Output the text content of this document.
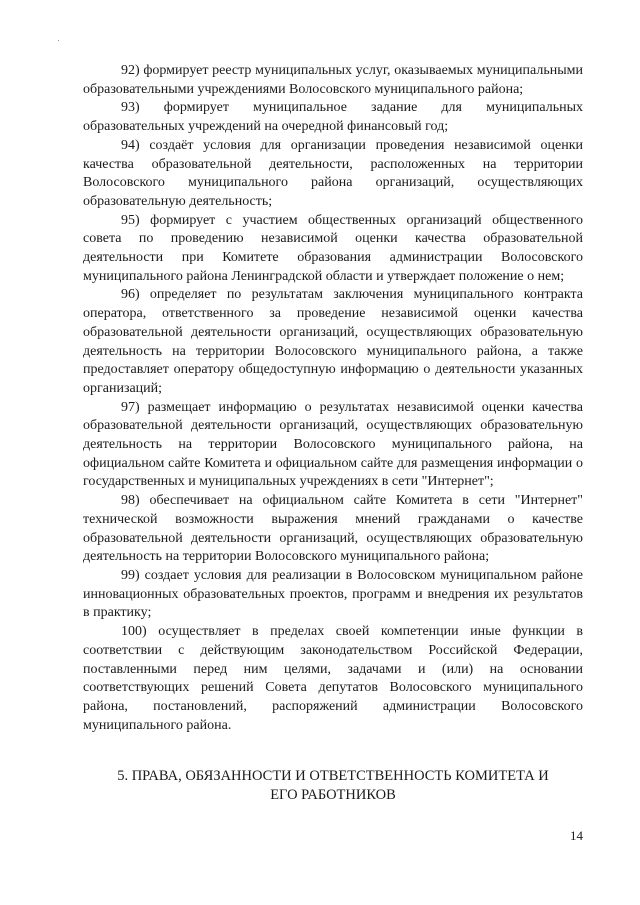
92) формирует реестр муниципальных услуг, оказываемых муниципальными образовательными учреждениями Волосовского муниципального района;

93) формирует муниципальное задание для муниципальных образовательных учреждений на очередной финансовый год;

94) создаёт условия для организации проведения независимой оценки качества образовательной деятельности, расположенных на территории Волосовского муниципального района организаций, осуществляющих образовательную деятельность;

95) формирует с участием общественных организаций общественного совета по проведению независимой оценки качества образовательной деятельности при Комитете образования администрации Волосовского муниципального района Ленинградской области и утверждает положение о нем;

96) определяет по результатам заключения муниципального контракта оператора, ответственного за проведение независимой оценки качества образовательной деятельности организаций, осуществляющих образовательную деятельность на территории Волосовского муниципального района, а также предоставляет оператору общедоступную информацию о деятельности указанных организаций;

97) размещает информацию о результатах независимой оценки качества образовательной деятельности организаций, осуществляющих образовательную деятельность на территории Волосовского муниципального района, на официальном сайте Комитета и официальном сайте для размещения информации о государственных и муниципальных учреждениях в сети "Интернет";

98) обеспечивает на официальном сайте Комитета в сети "Интернет" технической возможности выражения мнений гражданами о качестве образовательной деятельности организаций, осуществляющих образовательную деятельность на территории Волосовского муниципального района;

99) создает условия для реализации в Волосовском муниципальном районе инновационных образовательных проектов, программ и внедрения их результатов в практику;

100) осуществляет в пределах своей компетенции иные функции в соответствии с действующим законодательством Российской Федерации, поставленными перед ним целями, задачами и (или) на основании соответствующих решений Совета депутатов Волосовского муниципального района, постановлений, распоряжений администрации Волосовского муниципального района.

5. ПРАВА, ОБЯЗАННОСТИ И ОТВЕТСТВЕННОСТЬ КОМИТЕТА И ЕГО РАБОТНИКОВ
14
